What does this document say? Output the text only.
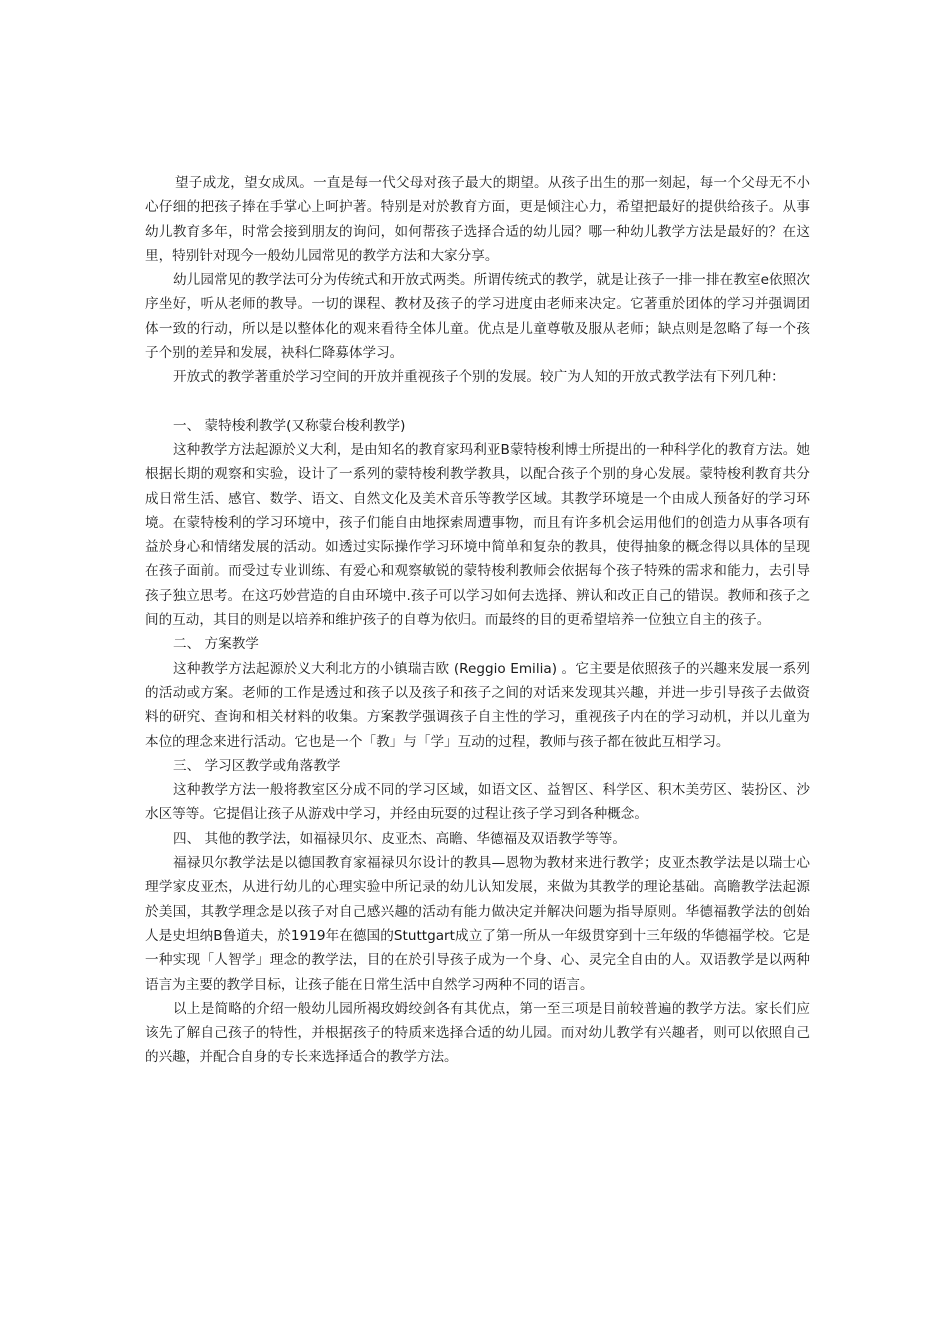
望子成龙，望女成凤。一直是每一代父母对孩子最大的期望。从孩子出生的那一刻起，每一个父母无不小心仔细的把孩子捧在手掌心上呵护著。特别是对於教育方面，更是倾注心力，希望把最好的提供给孩子。从事幼儿教育多年，时常会接到朋友的询问，如何帮孩子选择合适的幼儿园？哪一种幼儿教学方法是最好的？在这里，特别针对现今一般幼儿园常见的教学方法和大家分享。

幼儿园常见的教学法可分为传统式和开放式两类。所谓传统式的教学，就是让孩子一排一排在教室e依照次序坐好，听从老师的教导。一切的课程、教材及孩子的学习进度由老师来决定。它著重於团体的学习并强调团体一致的行动，所以是以整体化的观来看待全体儿童。优点是儿童尊敬及服从老师；缺点则是忽略了每一个孩子个别的差异和发展，袂科仁降募体学习。

开放式的教学著重於学习空间的开放并重视孩子个别的发展。较广为人知的开放式教学法有下列几种：

一、 蒙特梭利教学(又称蒙台梭利教学)

这种教学方法起源於义大利，是由知名的教育家玛利亚B蒙特梭利博士所提出的一种科学化的教育方法。她根据长期的观察和实验，设计了一系列的蒙特梭利教学教具，以配合孩子个别的身心发展。蒙特梭利教育共分成日常生活、感官、数学、语文、自然文化及美术音乐等教学区域。其教学环境是一个由成人预备好的学习环境。在蒙特梭利的学习环境中，孩子们能自由地探索周遭事物，而且有许多机会运用他们的创造力从事各项有益於身心和情绪发展的活动。如透过实际操作学习环境中简单和复杂的教具，使得抽象的概念得以具体的呈现在孩子面前。而受过专业训练、有爱心和观察敏锐的蒙特梭利教师会依据每个孩子特殊的需求和能力，去引导孩子独立思考。在这巧妙营造的自由环境中.孩子可以学习如何去选择、辨认和改正自己的错误。教师和孩子之间的互动，其目的则是以培养和维护孩子的自尊为依归。而最终的目的更希望培养一位独立自主的孩子。

二、 方案教学

这种教学方法起源於义大利北方的小镇瑞吉欧 (Reggio Emilia) 。它主要是依照孩子的兴趣来发展一系列的活动或方案。老师的工作是透过和孩子以及孩子和孩子之间的对话来发现其兴趣，并进一步引导孩子去做资料的研究、查询和相关材料的收集。方案教学强调孩子自主性的学习，重视孩子内在的学习动机，并以儿童为本位的理念来进行活动。它也是一个「教」与「学」互动的过程，教师与孩子都在彼此互相学习。

三、 学习区教学或角落教学

这种教学方法一般将教室区分成不同的学习区域，如语文区、益智区、科学区、积木美劳区、装扮区、沙水区等等。它提倡让孩子从游戏中学习，并经由玩耍的过程让孩子学习到各种概念。

四、 其他的教学法，如福禄贝尔、皮亚杰、高瞻、华德福及双语教学等等。

福禄贝尔教学法是以德国教育家福禄贝尔设计的教具—恩物为教材来进行教学；皮亚杰教学法是以瑞士心理学家皮亚杰，从进行幼儿的心理实验中所记录的幼儿认知发展，来做为其教学的理论基础。高瞻教学法起源於美国，其教学理念是以孩子对自己感兴趣的活动有能力做决定并解决问题为指导原则。华德福教学法的创始人是史坦纳B鲁道夫，於1919年在德国的Stuttgart成立了第一所从一年级贯穿到十三年级的华德福学校。它是一种实现「人智学」理念的教学法，目的在於引导孩子成为一个身、心、灵完全自由的人。双语教学是以两种语言为主要的教学目标，让孩子能在日常生活中自然学习两种不同的语言。

以上是简略的介绍一般幼儿园所褐玫姆绞剑各有其优点，第一至三项是目前较普遍的教学方法。家长们应该先了解自己孩子的特性，并根据孩子的特质来选择合适的幼儿园。而对幼儿教学有兴趣者，则可以依照自己的兴趣，并配合自身的专长来选择适合的教学方法。
